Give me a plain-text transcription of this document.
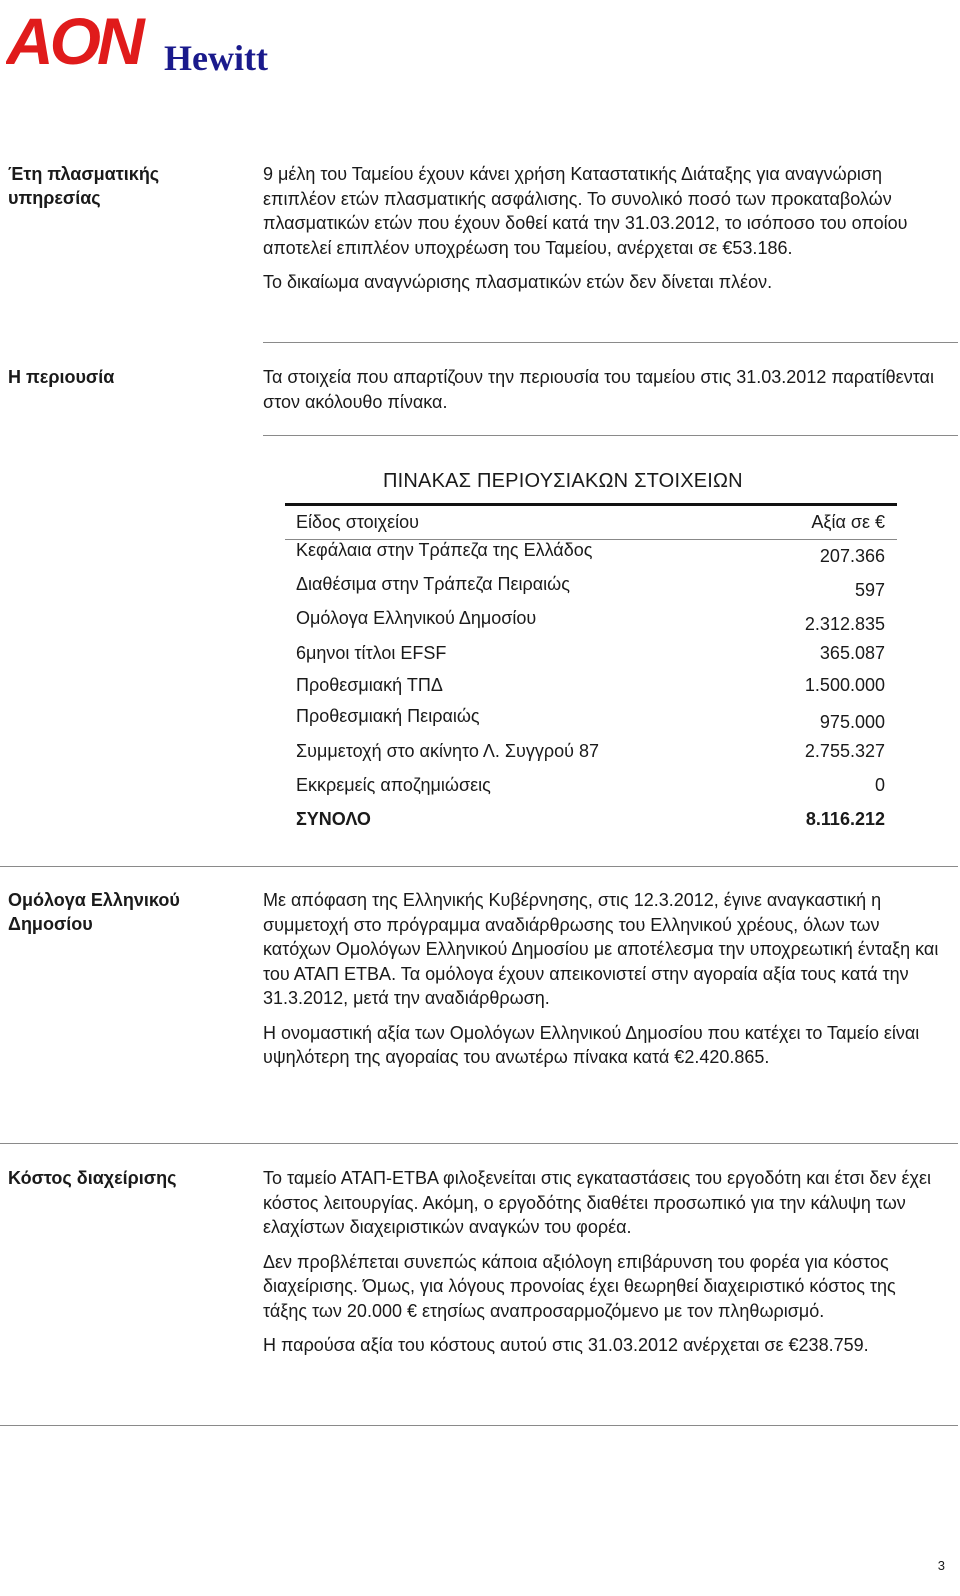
AON Hewitt
Έτη πλασματικής υπηρεσίας

9 μέλη του Ταμείου έχουν κάνει χρήση Καταστατικής Διάταξης για αναγνώριση επιπλέον ετών πλασματικής ασφάλισης. Το συνολικό ποσό των προκαταβολών πλασματικών ετών που έχουν δοθεί κατά την 31.03.2012, το ισόποσο του οποίου αποτελεί επιπλέον υποχρέωση του Ταμείου, ανέρχεται σε €53.186.

Το δικαίωμα αναγνώρισης πλασματικών ετών δεν δίνεται πλέον.

Η περιουσία	Τα στοιχεία που απαρτίζουν την περιουσία του ταμείου στις 31.03.2012 παρατίθενται στον ακόλουθο πίνακα.

ΠΙΝΑΚΑΣ ΠΕΡΙΟΥΣΙΑΚΩΝ ΣΤΟΙΧΕΙΩΝ
Είδος στοιχείου	Αξία σε €
Κεφάλαια στην Τράπεζα της Ελλάδος	207.366
Διαθέσιμα στην Τράπεζα Πειραιώς	597
Ομόλογα Ελληνικού Δημοσίου	2.312.835
6μηνοι τίτλοι EFSF	365.087
Προθεσμιακή ΤΠΔ	1.500.000
Προθεσμιακή Πειραιώς	975.000
Συμμετοχή στο ακίνητο Λ. Συγγρού 87	2.755.327
Εκκρεμείς αποζημιώσεις	0
ΣΥΝΟΛΟ	8.116.212
Ομόλογα Ελληνικού Δημοσίου

Με απόφαση της Ελληνικής Κυβέρνησης, στις 12.3.2012, έγινε αναγκαστική η συμμετοχή στο πρόγραμμα αναδιάρθρωσης του Ελληνικού χρέους, όλων των κατόχων Ομολόγων Ελληνικού Δημοσίου με αποτέλεσμα την υποχρεωτική ένταξη και του ΑΤΑΠ ΕΤΒΑ. Τα ομόλογα έχουν απεικονιστεί στην αγοραία αξία τους κατά την 31.3.2012, μετά την αναδιάρθρωση.

Η ονομαστική αξία των Ομολόγων Ελληνικού Δημοσίου που κατέχει το Ταμείο είναι υψηλότερη της αγοραίας του ανωτέρω πίνακα κατά €2.420.865.

Κόστος διαχείρισης	Το ταμείο ΑΤΑΠ-ΕΤΒΑ φιλοξενείται στις εγκαταστάσεις του εργοδότη και έτσι δεν έχει κόστος λειτουργίας. Ακόμη, ο εργοδότης διαθέτει προσωπικό για την κάλυψη των ελαχίστων διαχειριστικών αναγκών του φορέα.

Δεν προβλέπεται συνεπώς κάποια αξιόλογη επιβάρυνση του φορέα για κόστος διαχείρισης. Όμως, για λόγους προνοίας έχει θεωρηθεί διαχειριστικό κόστος της τάξης των 20.000 € ετησίως αναπροσαρμοζόμενο με τον πληθωρισμό.

Η παρούσα αξία του κόστους αυτού στις 31.03.2012 ανέρχεται σε €238.759.

3
